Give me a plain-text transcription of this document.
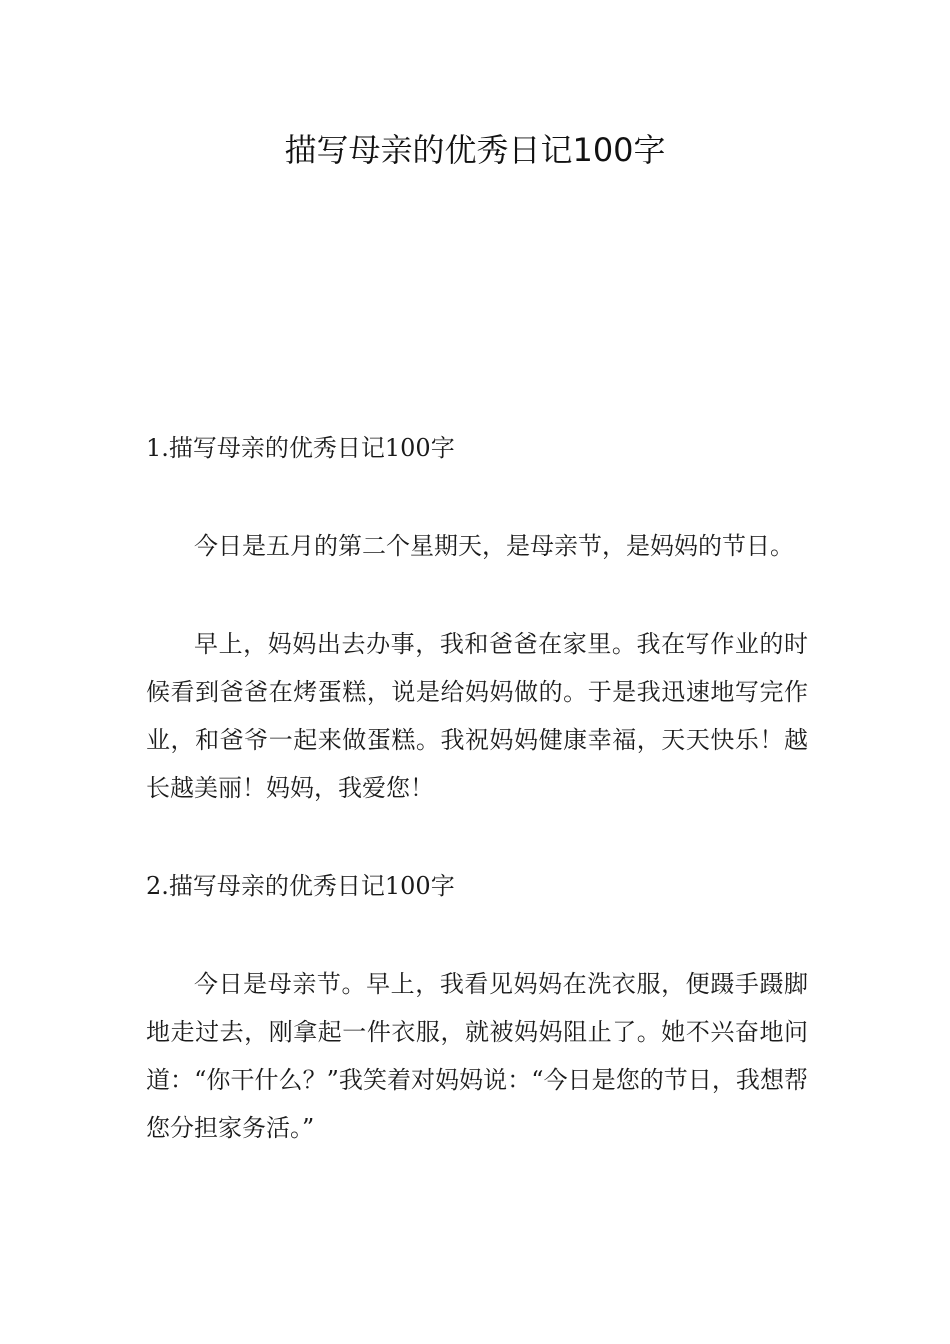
描写母亲的优秀日记100字
1.描写母亲的优秀日记100字

今日是五月的第二个星期天，是母亲节，是妈妈的节日。

早上，妈妈出去办事，我和爸爸在家里。我在写作业的时候看到爸爸在烤蛋糕，说是给妈妈做的。于是我迅速地写完作业，和爸爷一起来做蛋糕。我祝妈妈健康幸福，天天快乐！越长越美丽！妈妈，我爱您！

2.描写母亲的优秀日记100字

今日是母亲节。早上，我看见妈妈在洗衣服，便蹑手蹑脚地走过去，刚拿起一件衣服，就被妈妈阻止了。她不兴奋地问道：“你干什么？”我笑着对妈妈说：“今日是您的节日，我想帮您分担家务活。”
